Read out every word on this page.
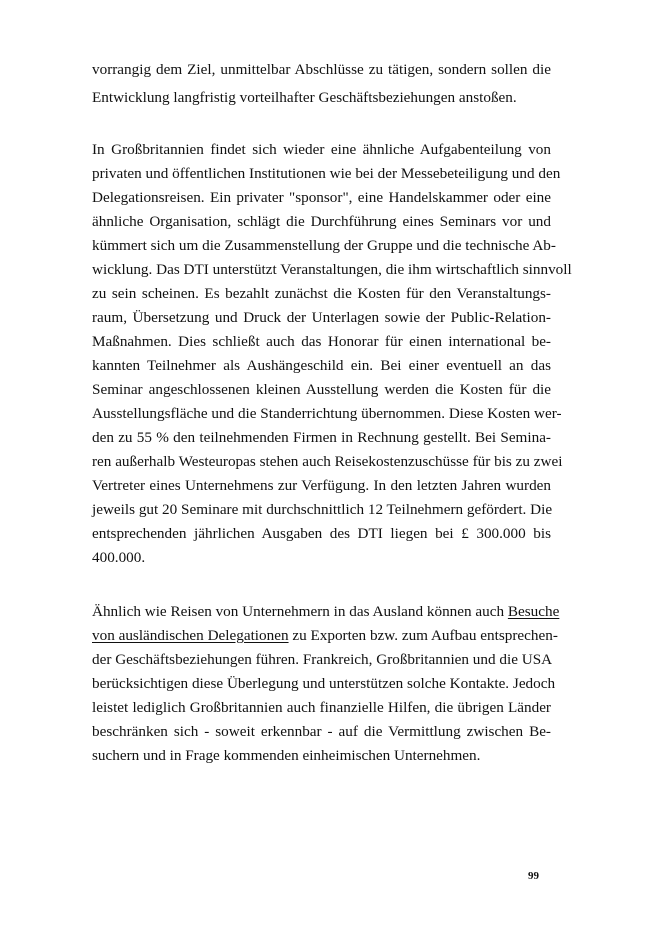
vorrangig dem Ziel, unmittelbar Abschlüsse zu tätigen, sondern sollen die
Entwicklung langfristig vorteilhafter Geschäftsbeziehungen anstoßen.
In Großbritannien findet sich wieder eine ähnliche Aufgabenteilung von
privaten und öffentlichen Institutionen wie bei der Messebeteiligung und den
Delegationsreisen. Ein privater "sponsor", eine Handelskammer oder eine
ähnliche Organisation, schlägt die Durchführung eines Seminars vor und
kümmert sich um die Zusammenstellung der Gruppe und die technische Ab-
wicklung. Das DTI unterstützt Veranstaltungen, die ihm wirtschaftlich sinnvoll
zu sein scheinen. Es bezahlt zunächst die Kosten für den Veranstaltungs-
raum, Übersetzung und Druck der Unterlagen sowie der Public-Relation-
Maßnahmen. Dies schließt auch das Honorar für einen international be-
kannten Teilnehmer als Aushängeschild ein. Bei einer eventuell an das
Seminar angeschlossenen kleinen Ausstellung werden die Kosten für die
Ausstellungsfläche und die Standerrichtung übernommen. Diese Kosten wer-
den zu 55 % den teilnehmenden Firmen in Rechnung gestellt. Bei Semina-
ren außerhalb Westeuropas stehen auch Reisekostenzuschüsse für bis zu zwei
Vertreter eines Unternehmens zur Verfügung. In den letzten Jahren wurden
jeweils gut 20 Seminare mit durchschnittlich 12 Teilnehmern gefördert. Die
entsprechenden jährlichen Ausgaben des DTI liegen bei £ 300.000 bis
400.000.
Ähnlich wie Reisen von Unternehmern in das Ausland können auch Besuche
von ausländischen Delegationen zu Exporten bzw. zum Aufbau entsprechen-
der Geschäftsbeziehungen führen. Frankreich, Großbritannien und die USA
berücksichtigen diese Überlegung und unterstützen solche Kontakte. Jedoch
leistet lediglich Großbritannien auch finanzielle Hilfen, die übrigen Länder
beschränken sich - soweit erkennbar - auf die Vermittlung zwischen Be-
suchern und in Frage kommenden einheimischen Unternehmen.
99
